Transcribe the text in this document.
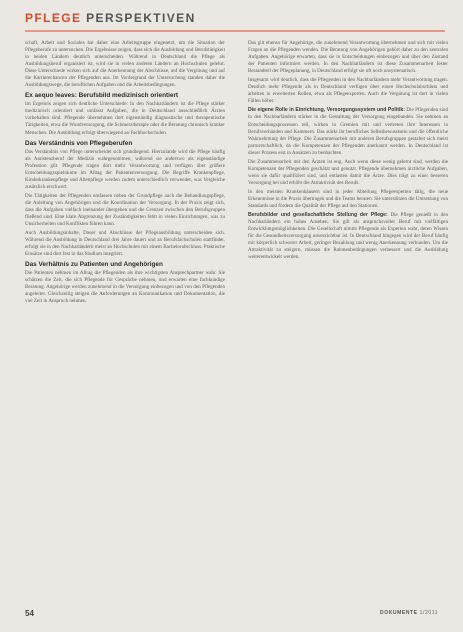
PFLEGE PERSPEKTIVEN

schaft, Arbeit und Soziales hat daher eine Arbeitsgruppe eingesetzt, um die Situation der Pflegeberufe zu untersuchen. Die Ergebnisse zeigen, dass sich die Ausbildung und Berufstätigkeit in beiden Ländern deutlich unterscheiden. Während in Deutschland die Pflege als Ausbildungsberuf organisiert ist, wird sie in vielen anderen Ländern an Hochschulen gelehrt. Diese Unterschiede wirken sich auf die Anerkennung der Abschlüsse, auf die Vergütung und auf die Karrierechancen der Pflegenden aus. Im Vordergrund der Untersuchung standen daher die Ausbildungswege, die beruflichen Aufgaben und die Arbeitsbedingungen.

Ex aequo leaves: Berufsbild medizinisch orientiert

Im Ergebnis zeigen sich deutliche Unterschiede: In den Nachbarländern ist die Pflege stärker medizinisch orientiert und umfasst Aufgaben, die in Deutschland ausschließlich Ärzten vorbehalten sind. Pflegende übernehmen dort eigenständig diagnostische und therapeutische Tätigkeiten, etwa die Wundversorgung, die Schmerztherapie oder die Beratung chronisch kranker Menschen. Die Ausbildung erfolgt überwiegend an Fachhochschulen.

Das Verständnis von Pflegeberufen

Das Verständnis von Pflege unterscheidet sich grundlegend. Hierzulande wird die Pflege häufig als Assistenzberuf der Medizin wahrgenommen, während sie anderswo als eigenständige Profession gilt. Pflegende tragen dort mehr Verantwortung und verfügen über größere Entscheidungsspielräume im Alltag der Patientenversorgung. Die Begriffe Krankenpflege, Kinderkrankenpflege und Altenpflege werden zudem unterschiedlich verwendet, was Vergleiche zusätzlich erschwert.

Die Tätigkeiten der Pflegenden umfassen neben der Grundpflege auch die Behandlungspflege, die Anleitung von Angehörigen und die Koordination der Versorgung. In der Praxis zeigt sich, dass die Aufgaben vielfach ineinander übergehen und die Grenzen zwischen den Berufsgruppen fließend sind. Eine klare Abgrenzung der Zuständigkeiten fehlt in vielen Einrichtungen, was zu Unsicherheiten und Konflikten führen kann.

Auch Ausbildungsinhalte, Dauer und Abschlüsse der Pflegeausbildung unterscheiden sich. Während die Ausbildung in Deutschland drei Jahre dauert und an Berufsfachschulen stattfindet, erfolgt sie in den Nachbarländern meist an Hochschulen mit einem Bachelorabschluss. Praktische Einsätze sind dort fest in das Studium integriert.

Das Verhältnis zu Patienten und Angehörigen

Die Patienten nehmen im Alltag die Pflegenden als ihre wichtigsten Ansprechpartner wahr. Sie schätzen die Zeit, die sich Pflegende für Gespräche nehmen, und erwarten eine fachkundige Beratung. Angehörige werden zunehmend in die Versorgung einbezogen und von den Pflegenden angeleitet. Gleichzeitig steigen die Anforderungen an Kommunikation und Dokumentation, die viel Zeit in Anspruch nehmen.

Das gilt ebenso für Angehörige, die zunehmend Verantwortung übernehmen und sich mit vielen Fragen an die Pflegenden wenden. Die Beratung von Angehörigen gehört daher zu den zentralen Aufgaben. Angehörige erwarten, dass sie in Entscheidungen einbezogen und über den Zustand der Patienten informiert werden. In den Nachbarländern ist diese Zusammenarbeit fester Bestandteil der Pflegeplanung, in Deutschland erfolgt sie oft noch unsystematisch.

Insgesamt wird deutlich, dass die Pflegenden in den Nachbarländern mehr Verantwortung tragen. Deutlich mehr Pflegende als in Deutschland verfügen über einen Hochschulabschluss und arbeiten in erweiterten Rollen, etwa als Pflegeexperten. Auch die Vergütung ist dort in vielen Fällen höher.

Die eigene Rolle in Einrichtung, Versorgungssystem und Politik: Die Pflegenden sind in den Nachbarländern stärker in die Gestaltung der Versorgung eingebunden. Sie nehmen an Entscheidungsprozessen teil, wirken in Gremien mit und vertreten ihre Interessen in Berufsverbänden und Kammern. Das stärkt ihr berufliches Selbstbewusstsein und die öffentliche Wahrnehmung der Pflege. Die Zusammenarbeit mit anderen Berufsgruppen gestaltet sich meist partnerschaftlich, da die Kompetenzen der Pflegenden anerkannt werden. In Deutschland ist dieser Prozess erst in Ansätzen zu beobachten.

Die Zusammenarbeit mit den Ärzten ist eng. Auch wenn diese wenig gelernt sind, werden die Kompetenzen der Pflegenden geschätzt und genutzt. Pflegende übernehmen ärztliche Aufgaben, wenn sie dafür qualifiziert sind, und entlasten damit die Ärzte. Dies trägt zu einer besseren Versorgung bei und erhöht die Attraktivität des Berufs.

In den meisten Krankenhäusern sind in jeder Abteilung Pflegeexperten tätig, die neue Erkenntnisse in die Praxis übertragen und die Teams beraten. Sie unterstützen die Umsetzung von Standards und fördern die Qualität der Pflege auf den Stationen.

Berufsbilder und gesellschaftliche Stellung der Pflege: Die Pflege genießt in den Nachbarländern ein hohes Ansehen. Sie gilt als anspruchsvoller Beruf mit vielfältigen Entwicklungsmöglichkeiten. Die Gesellschaft nimmt Pflegende als Experten wahr, deren Wissen für die Gesundheitsversorgung unverzichtbar ist. In Deutschland hingegen wird der Beruf häufig mit körperlich schwerer Arbeit, geringer Bezahlung und wenig Anerkennung verbunden. Um die Attraktivität zu steigern, müssen die Rahmenbedingungen verbessert und die Ausbildung weiterentwickelt werden.

54	DOKUMENTE 1/2011
